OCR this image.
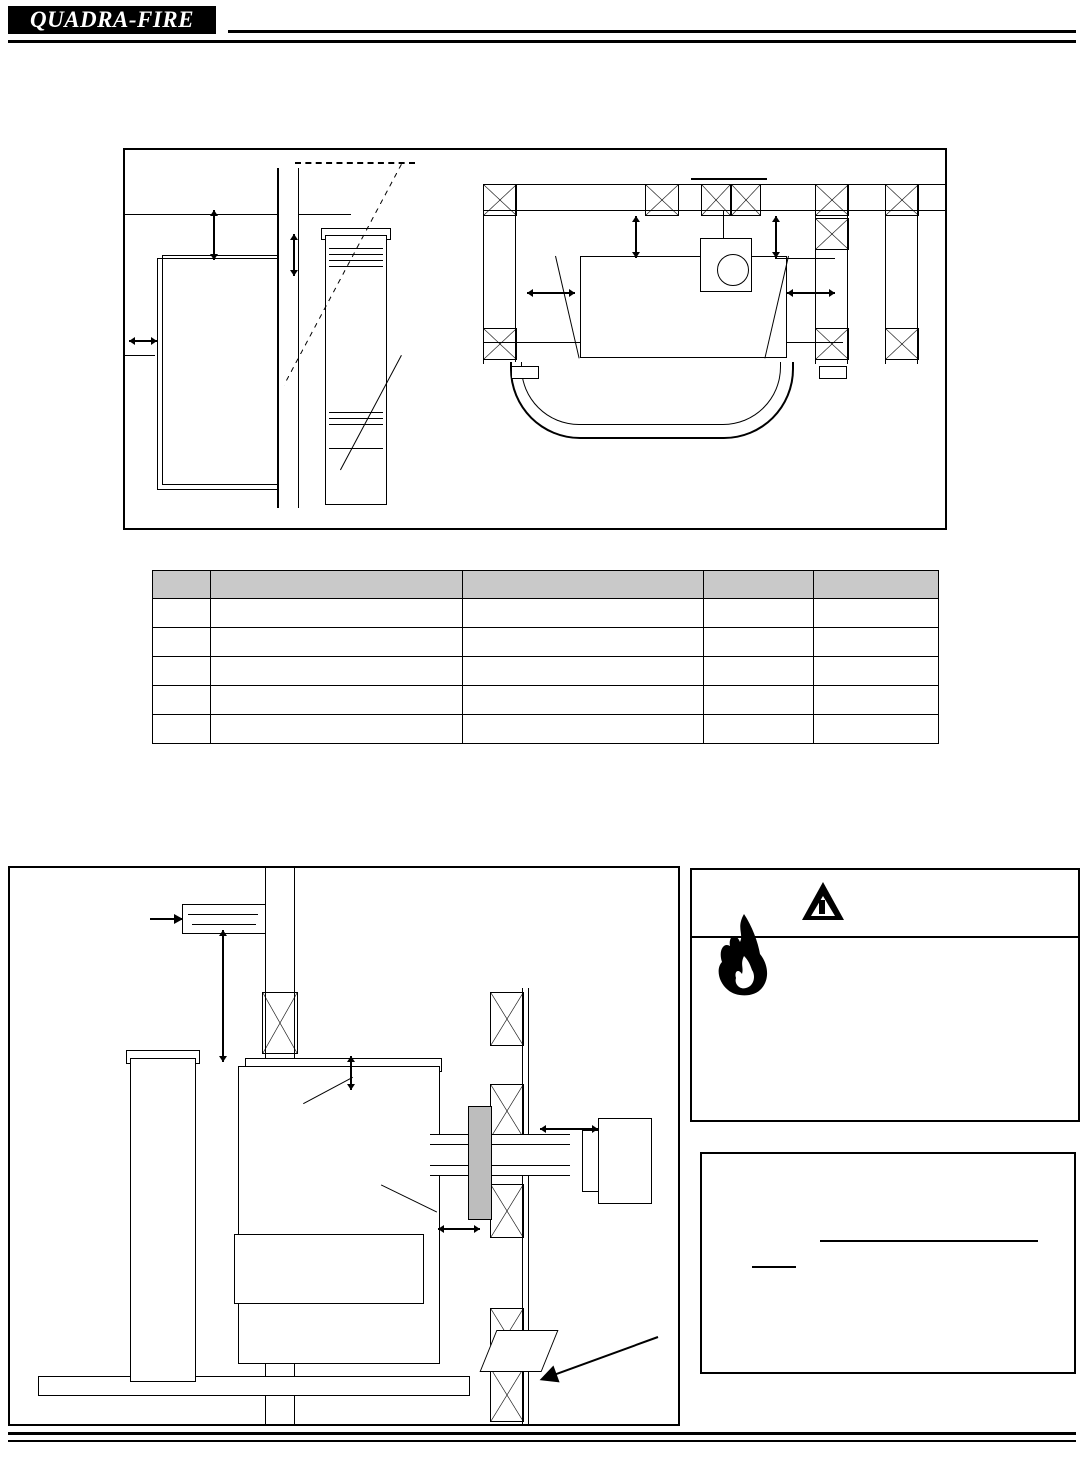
QUADRA-FIRE	®
